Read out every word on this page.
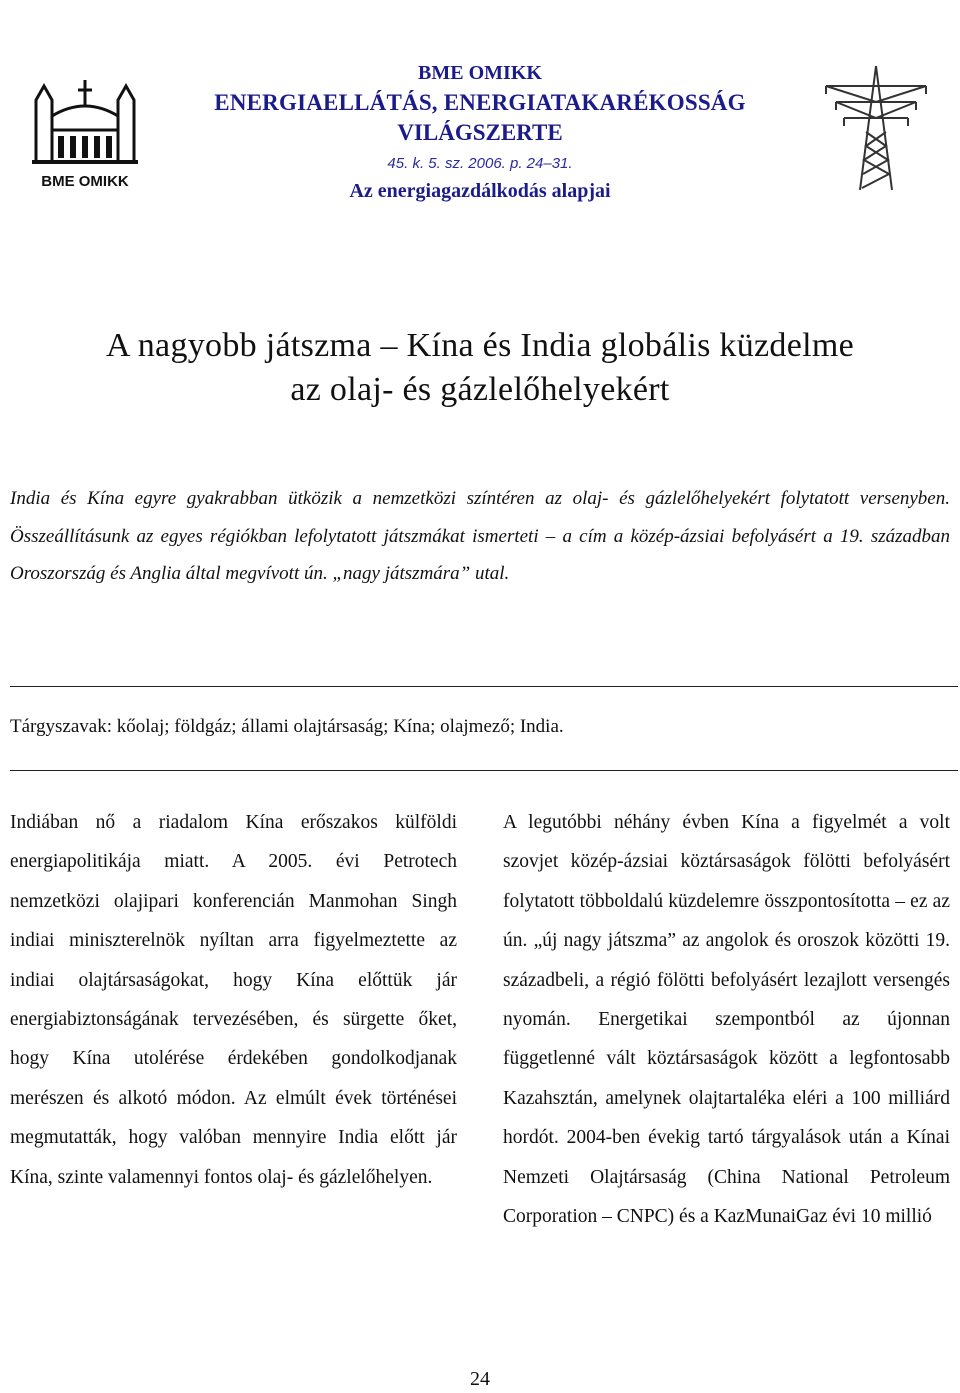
BME OMIKK

BME OMIKK

ENERGIAELLÁTÁS, ENERGIATAKARÉKOSSÁG

VILÁGSZERTE

45. k. 5. sz. 2006. p. 24–31.

Az energiagazdálkodás alapjai

A nagyobb játszma – Kína és India globális küzdelme
az olaj- és gázlelőhelyekért

India és Kína egyre gyakrabban ütközik a nemzetközi színtéren az olaj- és gázlelőhelyekért folytatott versenyben. Összeállításunk az egyes régiókban lefolytatott játszmákat ismerteti – a cím a közép-ázsiai befolyásért a 19. században Oroszország és Anglia által megvívott ún. „nagy játszmára” utal.

Tárgyszavak: kőolaj; földgáz; állami olajtársaság; Kína; olajmező; India.

Indiában nő a riadalom Kína erőszakos külföldi energiapolitikája miatt. A 2005. évi Petrotech nemzetközi olajipari konferencián Manmohan Singh indiai miniszterelnök nyíltan arra figyelmeztette az indiai olajtársaságokat, hogy Kína előttük jár energiabiztonságának tervezésében, és sürgette őket, hogy Kína utolérése érdekében gondolkodjanak merészen és alkotó módon. Az elmúlt évek történései megmutatták, hogy valóban mennyire India előtt jár Kína, szinte valamennyi fontos olaj- és gázlelőhelyen.

A legutóbbi néhány évben Kína a figyelmét a volt szovjet közép-ázsiai köztársaságok fölötti befolyásért folytatott többoldalú küzdelemre összpontosította – ez az ún. „új nagy játszma” az angolok és oroszok közötti 19. századbeli, a régió fölötti befolyásért lezajlott versengés nyomán. Energetikai szempontból az újonnan függetlenné vált köztársaságok között a legfontosabb Kazahsztán, amelynek olajtartaléka eléri a 100 milliárd hordót. 2004-ben évekig tartó tárgyalások után a Kínai Nemzeti Olajtársaság (China National Petroleum Corporation – CNPC) és a KazMunaiGaz évi 10 millió

24
